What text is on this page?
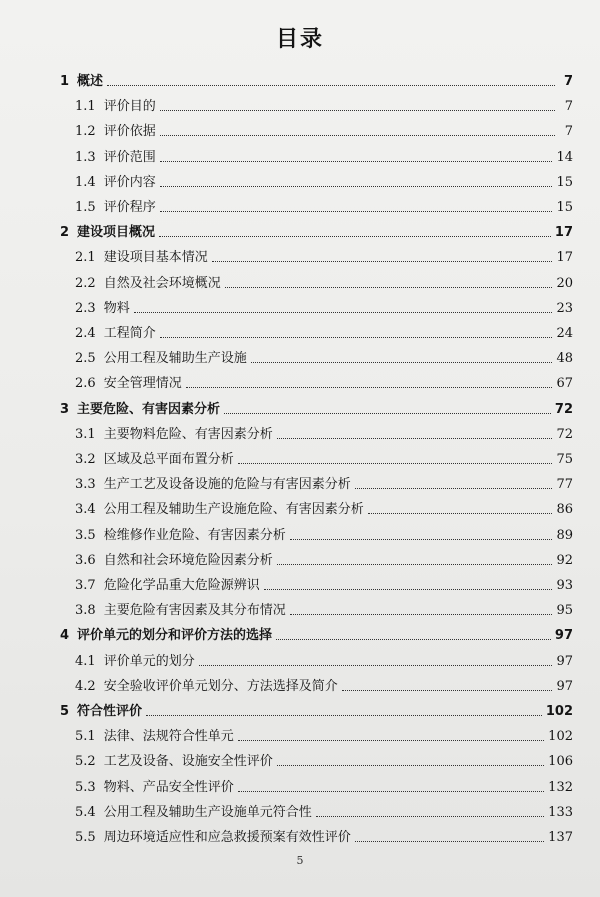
目录
1 概述	7
1.1 评价目的	7
1.2 评价依据	7
1.3 评价范围	14
1.4 评价内容	15
1.5 评价程序	15
2 建设项目概况	17
2.1 建设项目基本情况	17
2.2 自然及社会环境概况	20
2.3 物料	23
2.4 工程简介	24
2.5 公用工程及辅助生产设施	48
2.6 安全管理情况	67
3 主要危险、有害因素分析	72
3.1 主要物料危险、有害因素分析	72
3.2 区域及总平面布置分析	75
3.3 生产工艺及设备设施的危险与有害因素分析	77
3.4 公用工程及辅助生产设施危险、有害因素分析	86
3.5 检维修作业危险、有害因素分析	89
3.6 自然和社会环境危险因素分析	92
3.7 危险化学品重大危险源辨识	93
3.8 主要危险有害因素及其分布情况	95
4 评价单元的划分和评价方法的选择	97
4.1 评价单元的划分	97
4.2 安全验收评价单元划分、方法选择及简介	97
5 符合性评价	102
5.1 法律、法规符合性单元	102
5.2 工艺及设备、设施安全性评价	106
5.3 物料、产品安全性评价	132
5.4 公用工程及辅助生产设施单元符合性	133
5.5 周边环境适应性和应急救援预案有效性评价	137
5
